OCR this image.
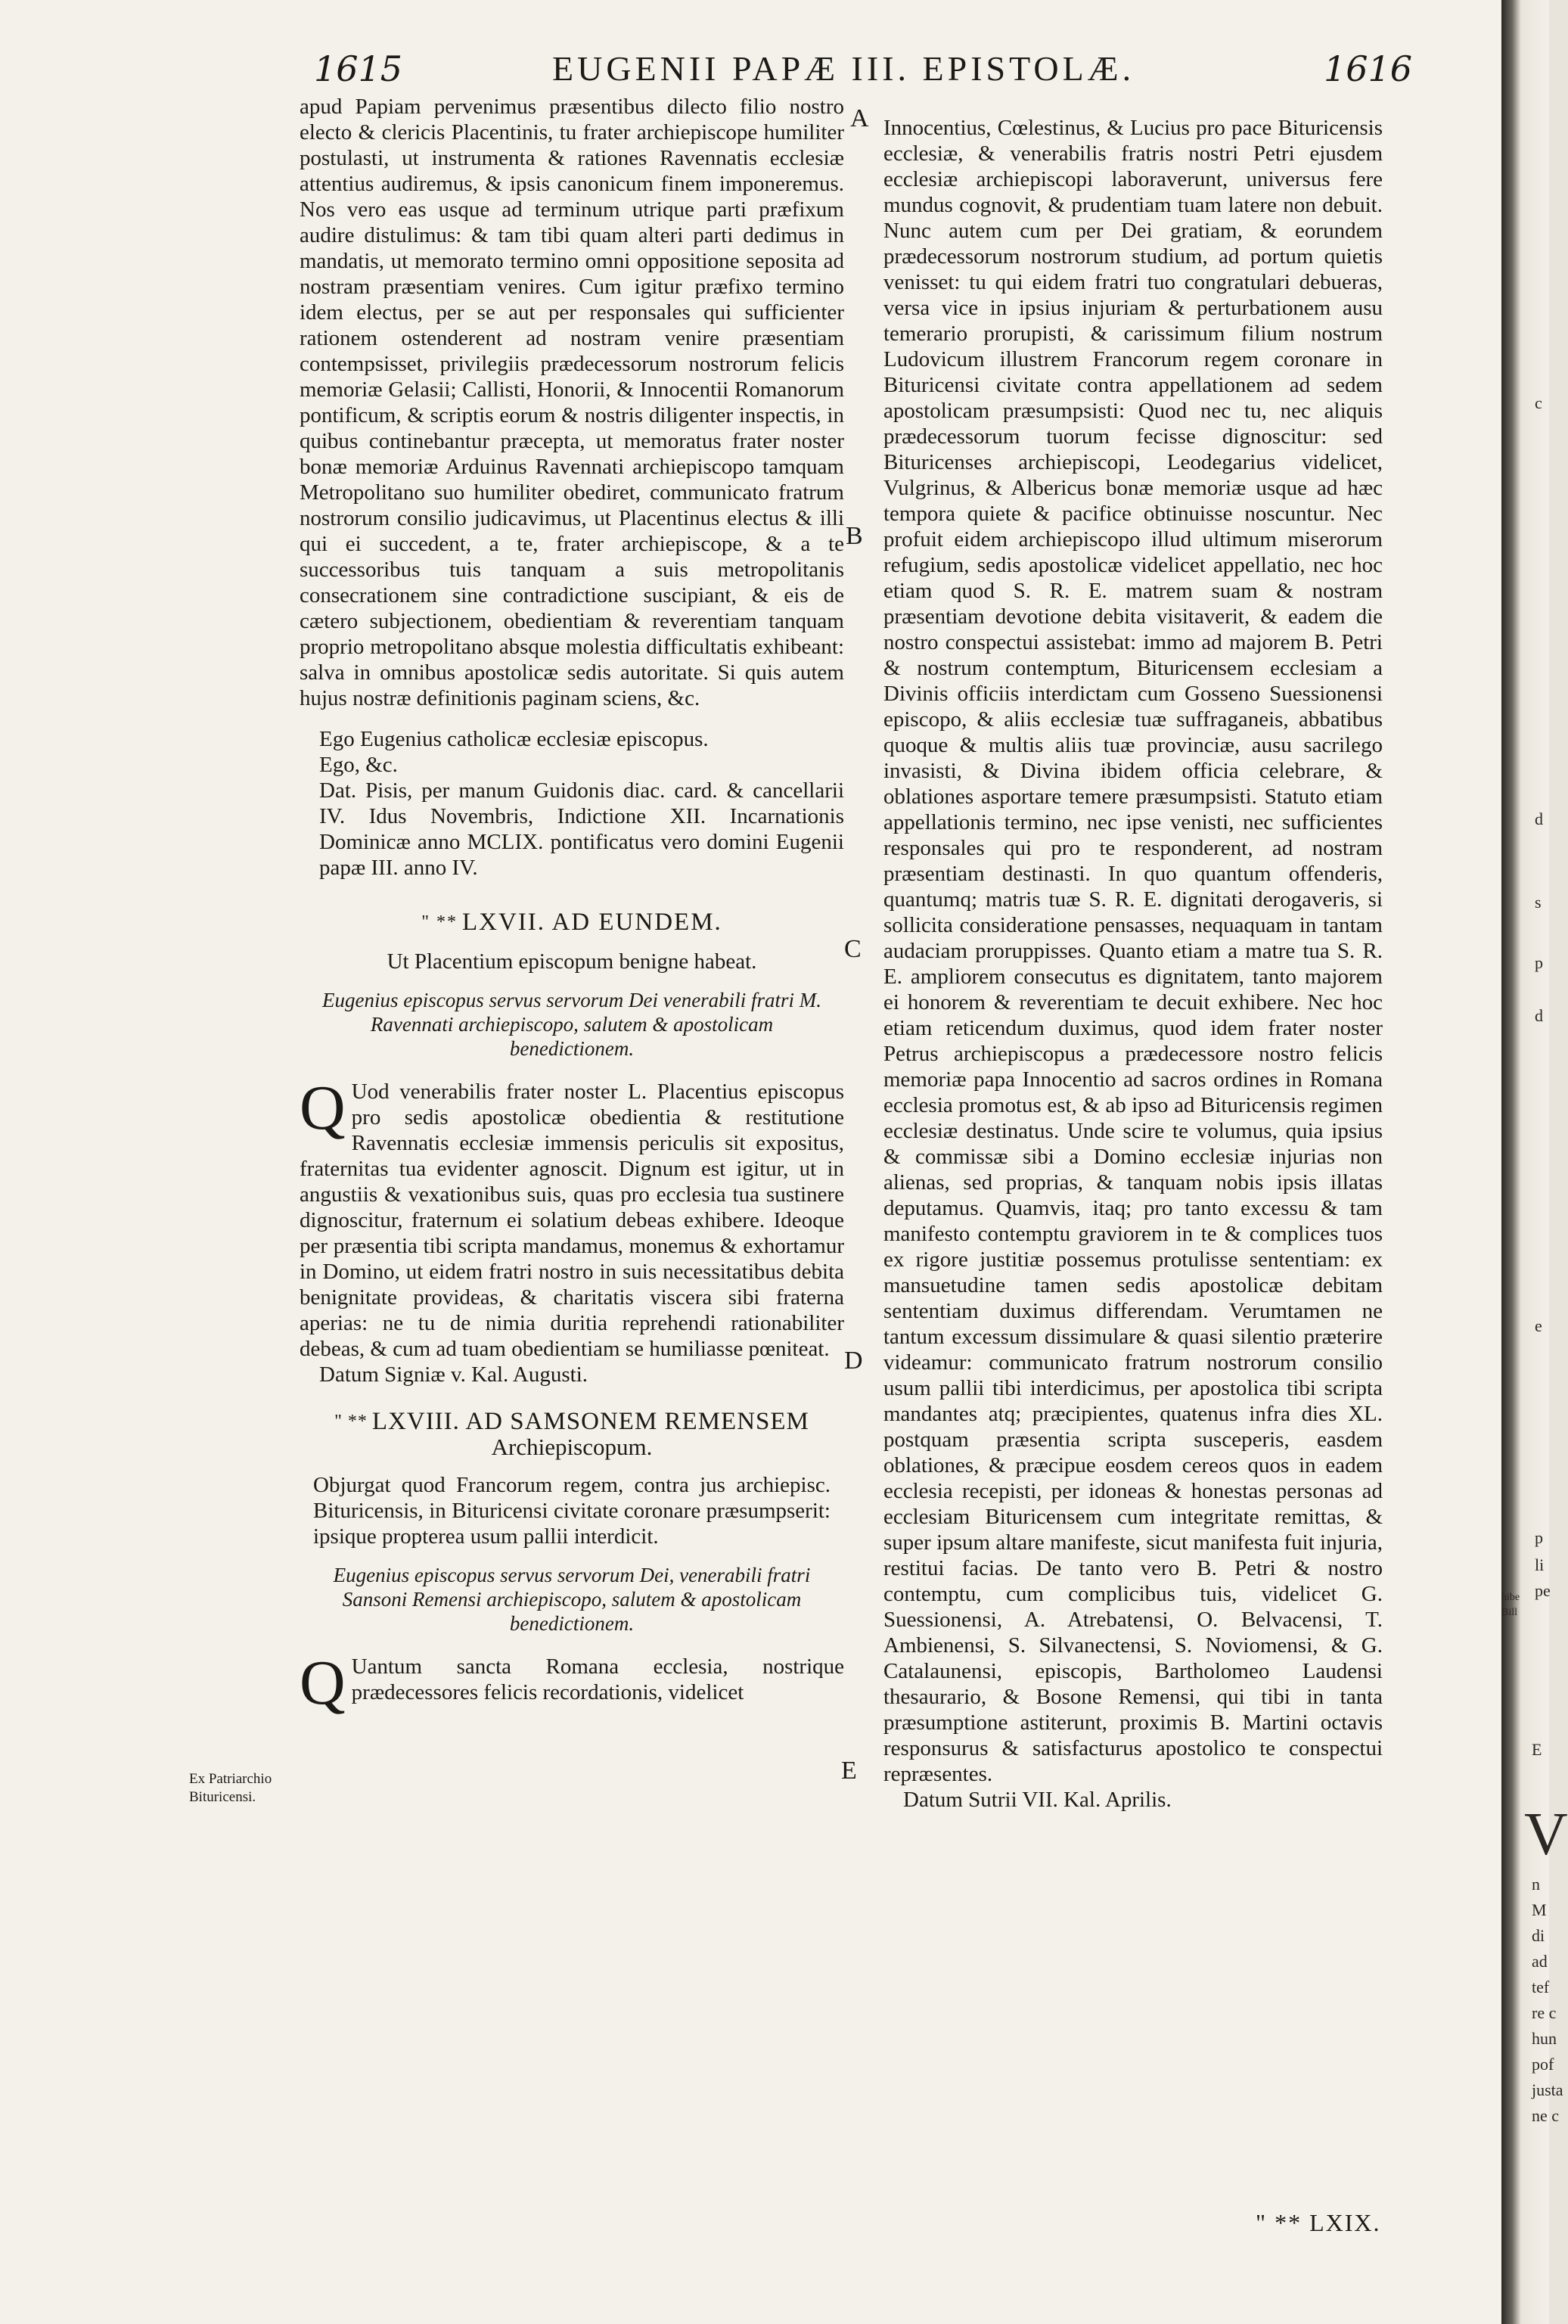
1615	EUGENII PAPÆ III. EPISTOLÆ.	1616
A
B
C
D
E
Ex Patriarchio Bituricensi.

apud Papiam pervenimus præsentibus dilecto filio nostro electo & clericis Placentinis, tu frater archiepiscope humiliter postulasti, ut instrumenta & rationes Ravennatis ecclesiæ attentius audiremus, & ipsis canonicum finem imponeremus. Nos vero eas usque ad terminum utrique parti præfixum audire distulimus: & tam tibi quam alteri parti dedimus in mandatis, ut memorato termino omni oppositione seposita ad nostram præsentiam venires. Cum igitur præfixo termino idem electus, per se aut per responsales qui sufficienter rationem ostenderent ad nostram venire præsentiam contempsisset, privilegiis prædecessorum nostrorum felicis memoriæ Gelasii; Callisti, Honorii, & Innocentii Romanorum pontificum, & scriptis eorum & nostris diligenter inspectis, in quibus continebantur præcepta, ut memoratus frater noster bonæ memoriæ Arduinus Ravennati archiepiscopo tamquam Metropolitano suo humiliter obediret, communicato fratrum nostrorum consilio judicavimus, ut Placentinus electus & illi qui ei succedent, a te, frater archiepiscope, & a te successoribus tuis tanquam a suis metropolitanis consecrationem sine contradictione suscipiant, & eis de cætero subjectionem, obedientiam & reverentiam tanquam proprio metropolitano absque molestia difficultatis exhibeant: salva in omnibus apostolicæ sedis autoritate. Si quis autem hujus nostræ definitionis paginam sciens, &c.

Ego Eugenius catholicæ ecclesiæ episcopus.

Ego, &c.

Dat. Pisis, per manum Guidonis diac. card. & cancellarii IV. Idus Novembris, Indictione XII. Incarnationis Dominicæ anno MCLIX. pontificatus vero domini Eugenii papæ III. anno IV.

" ** LXVII. AD EUNDEM.

Ut Placentium episcopum benigne habeat.

Eugenius episcopus servus servorum Dei venerabili fratri M. Ravennati archiepiscopo, salutem & apostolicam benedictionem.

Q Uod venerabilis frater noster L. Placentius episcopus pro sedis apostolicæ obedientia & restitutione Ravennatis ecclesiæ immensis periculis sit expositus, fraternitas tua evidenter agnoscit. Dignum est igitur, ut in angustiis & vexationibus suis, quas pro ecclesia tua sustinere dignoscitur, fraternum ei solatium debeas exhibere. Ideoque per præsentia tibi scripta mandamus, monemus & exhortamur in Domino, ut eidem fratri nostro in suis necessitatibus debita benignitate provideas, & charitatis viscera sibi fraterna aperias: ne tu de nimia duritia reprehendi rationabiliter debeas, & cum ad tuam obedientiam se humiliasse pœniteat.

Datum Signiæ v. Kal. Augusti.

" ** LXVIII. AD SAMSONEM REMENSEM

Archiepiscopum.

Objurgat quod Francorum regem, contra jus archiepisc. Bituricensis, in Bituricensi civitate coronare præsumpserit: ipsique propterea usum pallii interdicit.

Eugenius episcopus servus servorum Dei, venerabili fratri Sansoni Remensi archiepiscopo, salutem & apostolicam benedictionem.

Q Uantum sancta Romana ecclesia, nostrique prædecessores felicis recordationis, videlicet

Innocentius, Cœlestinus, & Lucius pro pace Bituricensis ecclesiæ, & venerabilis fratris nostri Petri ejusdem ecclesiæ archiepiscopi laboraverunt, universus fere mundus cognovit, & prudentiam tuam latere non debuit. Nunc autem cum per Dei gratiam, & eorundem prædecessorum nostrorum studium, ad portum quietis venisset: tu qui eidem fratri tuo congratulari debueras, versa vice in ipsius injuriam & perturbationem ausu temerario prorupisti, & carissimum filium nostrum Ludovicum illustrem Francorum regem coronare in Bituricensi civitate contra appellationem ad sedem apostolicam præsumpsisti: Quod nec tu, nec aliquis prædecessorum tuorum fecisse dignoscitur: sed Bituricenses archiepiscopi, Leodegarius videlicet, Vulgrinus, & Albericus bonæ memoriæ usque ad hæc tempora quiete & pacifice obtinuisse noscuntur. Nec profuit eidem archiepiscopo illud ultimum miserorum refugium, sedis apostolicæ videlicet appellatio, nec hoc etiam quod S. R. E. matrem suam & nostram præsentiam devotione debita visitaverit, & eadem die nostro conspectui assistebat: immo ad majorem B. Petri & nostrum contemptum, Bituricensem ecclesiam a Divinis officiis interdictam cum Gosseno Suessionensi episcopo, & aliis ecclesiæ tuæ suffraganeis, abbatibus quoque & multis aliis tuæ provinciæ, ausu sacrilego invasisti, & Divina ibidem officia celebrare, & oblationes asportare temere præsumpsisti. Statuto etiam appellationis termino, nec ipse venisti, nec sufficientes responsales qui pro te responderent, ad nostram præsentiam destinasti. In quo quantum offenderis, quantumq; matris tuæ S. R. E. dignitati derogaveris, si sollicita consideratione pensasses, nequaquam in tantam audaciam proruppisses. Quanto etiam a matre tua S. R. E. ampliorem consecutus es dignitatem, tanto majorem ei honorem & reverentiam te decuit exhibere. Nec hoc etiam reticendum duximus, quod idem frater noster Petrus archiepiscopus a prædecessore nostro felicis memoriæ papa Innocentio ad sacros ordines in Romana ecclesia promotus est, & ab ipso ad Bituricensis regimen ecclesiæ destinatus. Unde scire te volumus, quia ipsius & commissæ sibi a Domino ecclesiæ injurias non alienas, sed proprias, & tanquam nobis ipsis illatas deputamus. Quamvis, itaq; pro tanto excessu & tam manifesto contemptu graviorem in te & complices tuos ex rigore justitiæ possemus protulisse sententiam: ex mansuetudine tamen sedis apostolicæ debitam sententiam duximus differendam. Verumtamen ne tantum excessum dissimulare & quasi silentio præterire videamur: communicato fratrum nostrorum consilio usum pallii tibi interdicimus, per apostolica tibi scripta mandantes atq; præcipientes, quatenus infra dies XL. postquam præsentia scripta susceperis, easdem oblationes, & præcipue eosdem cereos quos in eadem ecclesia recepisti, per idoneas & honestas personas ad ecclesiam Bituricensem cum integritate remittas, & super ipsum altare manifeste, sicut manifesta fuit injuria, restitui facias. De tanto vero B. Petri & nostro contemptu, cum complicibus tuis, videlicet G. Suessionensi, A. Atrebatensi, O. Belvacensi, T. Ambienensi, S. Silvanectensi, S. Noviomensi, & G. Catalaunensi, episcopis, Bartholomeo Laudensi thesaurario, & Bosone Remensi, qui tibi in tanta præsumptione astiterunt, proximis B. Martini octavis responsurus & satisfacturus apostolico te conspectui repræsentes.

Datum Sutrii VII. Kal. Aprilis.

" ** LXIX.
c
d
s
p
d
e
p
li
pe
hibe
Bill
E
V
n
M
di
ad
tef
re c
hun
pof
justa
ne c
